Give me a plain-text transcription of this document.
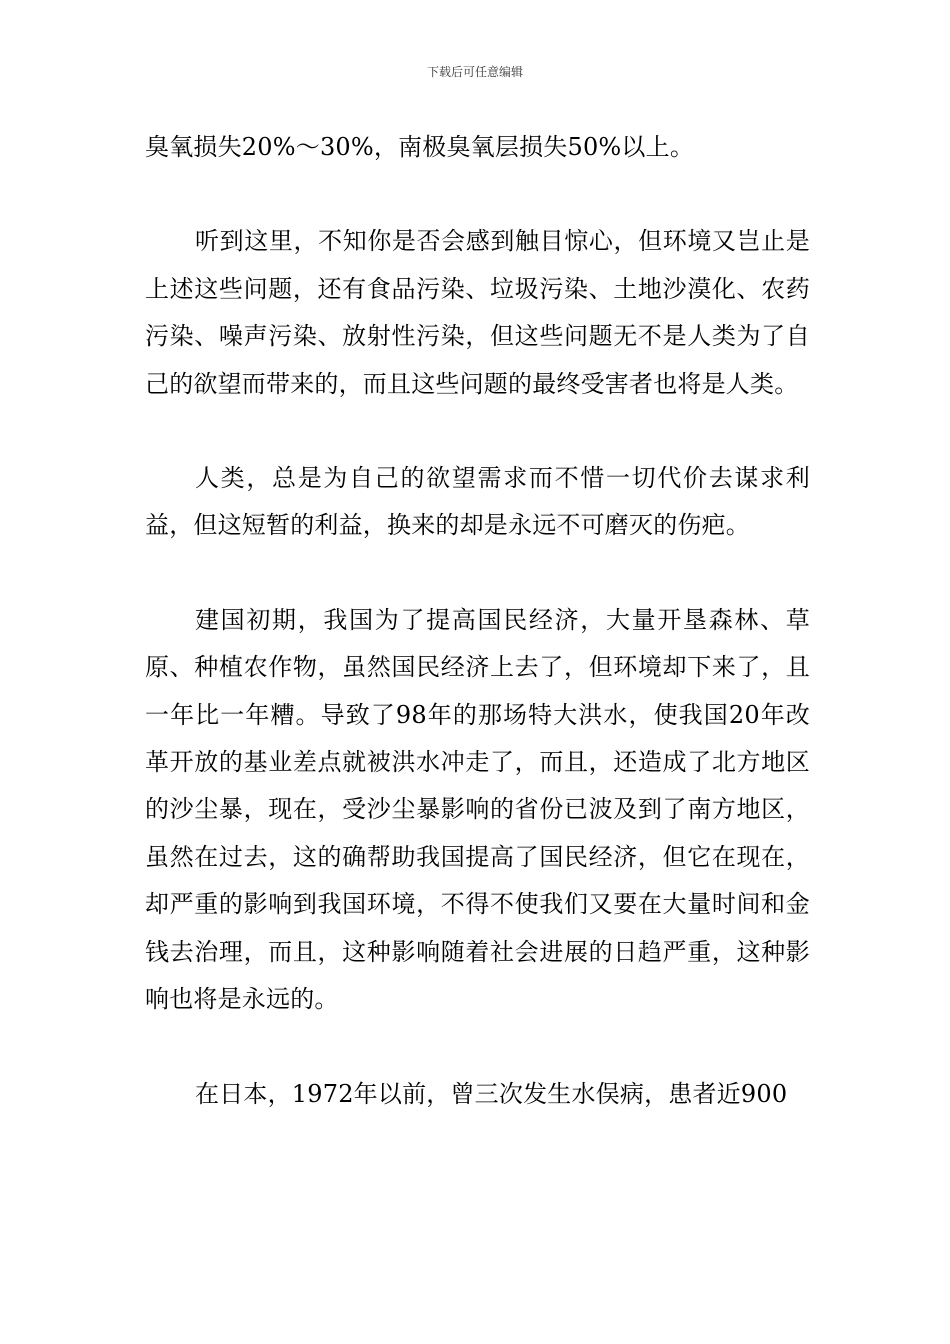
下载后可任意编辑

臭氧损失20%～30%，南极臭氧层损失50%以上。

听到这里，不知你是否会感到触目惊心，但环境又岂止是上述这些问题，还有食品污染、垃圾污染、土地沙漠化、农药污染、噪声污染、放射性污染，但这些问题无不是人类为了自己的欲望而带来的，而且这些问题的最终受害者也将是人类。

人类，总是为自己的欲望需求而不惜一切代价去谋求利益，但这短暂的利益，换来的却是永远不可磨灭的伤疤。

建国初期，我国为了提高国民经济，大量开垦森林、草原、种植农作物，虽然国民经济上去了，但环境却下来了，且一年比一年糟。导致了98年的那场特大洪水，使我国20年改革开放的基业差点就被洪水冲走了，而且，还造成了北方地区的沙尘暴，现在，受沙尘暴影响的省份已波及到了南方地区，虽然在过去，这的确帮助我国提高了国民经济，但它在现在，却严重的影响到我国环境，不得不使我们又要在大量时间和金钱去治理，而且，这种影响随着社会进展的日趋严重，这种影响也将是永远的。

在日本，1972年以前，曾三次发生水俣病，患者近900
